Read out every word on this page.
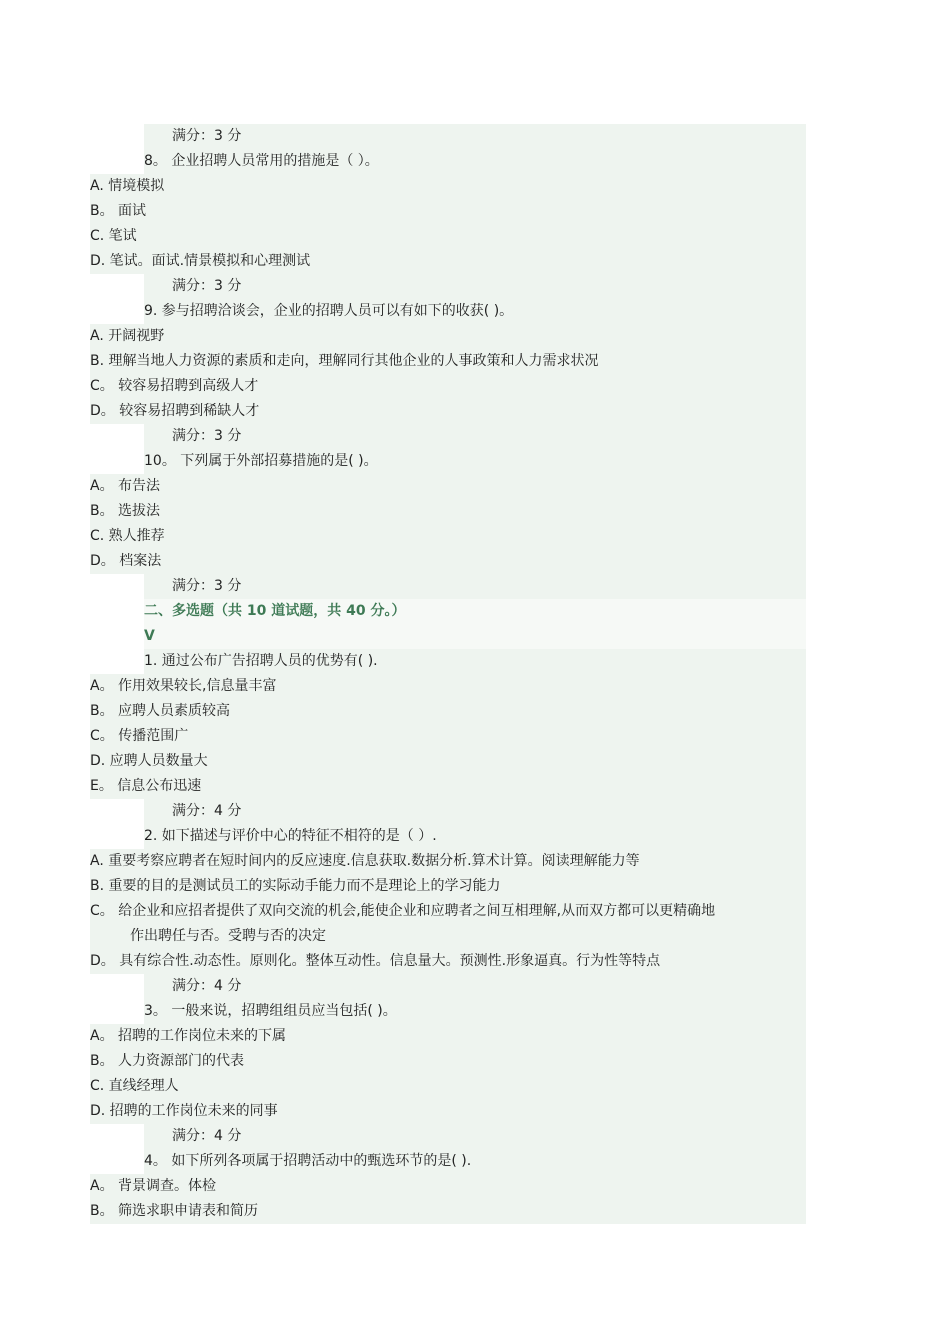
满分：3 分
8。 企业招聘人员常用的措施是（ ）。
A. 情境模拟
B。 面试
C. 笔试
D. 笔试。面试.情景模拟和心理测试
满分：3 分
9. 参与招聘洽谈会，企业的招聘人员可以有如下的收获( )。
A. 开阔视野
B. 理解当地人力资源的素质和走向，理解同行其他企业的人事政策和人力需求状况
C。 较容易招聘到高级人才
D。 较容易招聘到稀缺人才
满分：3 分
10。 下列属于外部招募措施的是( )。
A。 布告法
B。 选拔法
C. 熟人推荐
D。 档案法
满分：3 分
二、多选题（共 10 道试题，共 40 分。）
V
1. 通过公布广告招聘人员的优势有( ).
A。 作用效果较长,信息量丰富
B。 应聘人员素质较高
C。 传播范围广
D. 应聘人员数量大
E。 信息公布迅速
满分：4 分
2. 如下描述与评价中心的特征不相符的是（ ）.
A. 重要考察应聘者在短时间内的反应速度.信息获取.数据分析.算术计算。阅读理解能力等
B. 重要的目的是测试员工的实际动手能力而不是理论上的学习能力
C。 给企业和应招者提供了双向交流的机会,能使企业和应聘者之间互相理解,从而双方都可以更精确地
作出聘任与否。受聘与否的决定
D。 具有综合性.动态性。原则化。整体互动性。信息量大。预测性.形象逼真。行为性等特点
满分：4 分
3。 一般来说，招聘组组员应当包括( )。
A。 招聘的工作岗位未来的下属
B。 人力资源部门的代表
C. 直线经理人
D. 招聘的工作岗位未来的同事
满分：4 分
4。 如下所列各项属于招聘活动中的甄选环节的是( ).
A。 背景调查。体检
B。 筛选求职申请表和简历
